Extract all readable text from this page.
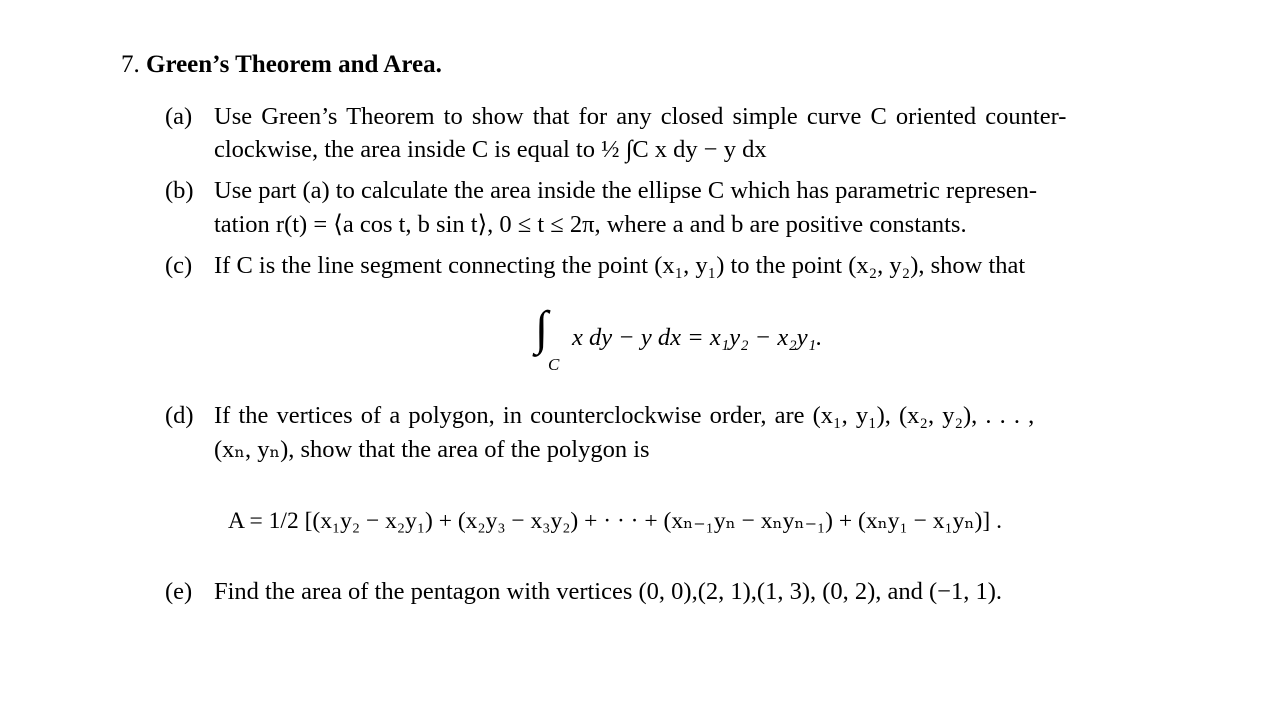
7. Green’s Theorem and Area.
(a) Use Green’s Theorem to show that for any closed simple curve C oriented counter-
clockwise, the area inside C is equal to ½ ∫C x dy − y dx
(b) Use part (a) to calculate the area inside the ellipse C which has parametric represen-
tation r(t) = ⟨a cos t, b sin t⟩, 0 ≤ t ≤ 2π, where a and b are positive constants.
(c) If C is the line segment connecting the point (x₁, y₁) to the point (x₂, y₂), show that
∫
C
x dy − y dx = x₁y₂ − x₂y₁.
(d) If the vertices of a polygon, in counterclockwise order, are (x₁, y₁), (x₂, y₂), . . . ,
(xₙ, yₙ), show that the area of the polygon is
A = 1/2 [(x₁y₂ − x₂y₁) + (x₂y₃ − x₃y₂) + · · · + (xₙ₋₁yₙ − xₙyₙ₋₁) + (xₙy₁ − x₁yₙ)] .
(e) Find the area of the pentagon with vertices (0, 0),(2, 1),(1, 3), (0, 2), and (−1, 1).
